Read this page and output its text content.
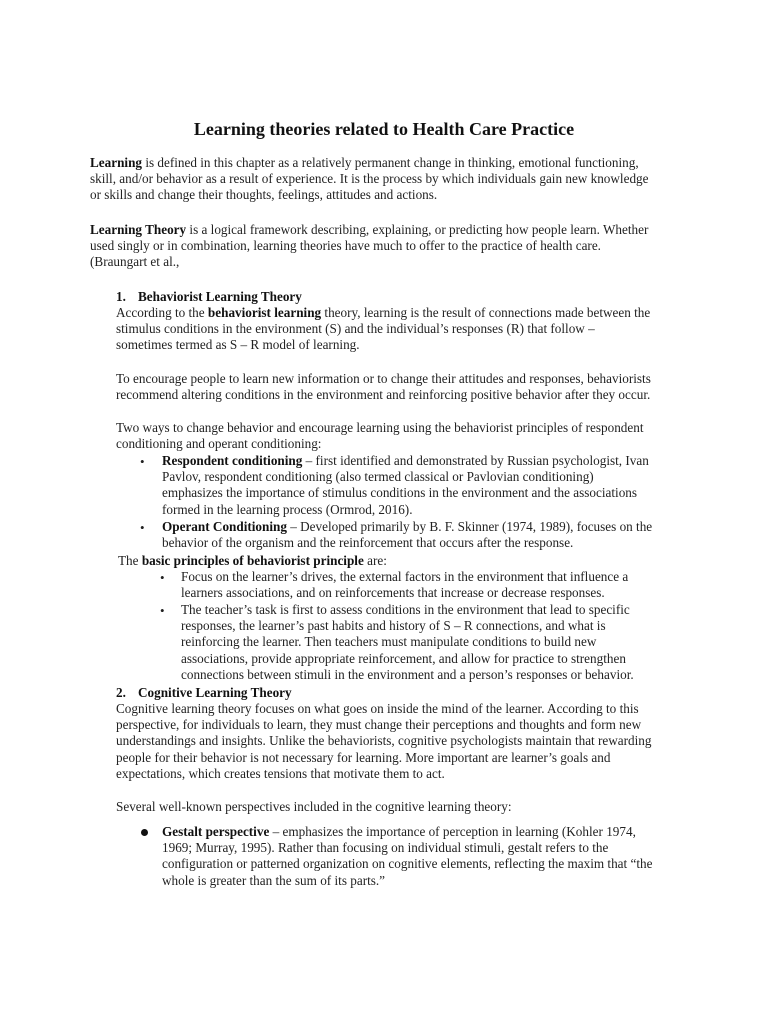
Learning theories related to Health Care Practice
Learning is defined in this chapter as a relatively permanent change in thinking, emotional functioning,
skill, and/or behavior as a result of experience. It is the process by which individuals gain new knowledge
or skills and change their thoughts, feelings, attitudes and actions.
Learning Theory is a logical framework describing, explaining, or predicting how people learn. Whether
used singly or in combination, learning theories have much to offer to the practice of health care.
(Braungart et al.,
1. Behaviorist Learning Theory
According to the behaviorist learning theory, learning is the result of connections made between the
stimulus conditions in the environment (S) and the individual’s responses (R) that follow –
sometimes termed as S – R model of learning.
To encourage people to learn new information or to change their attitudes and responses, behaviorists
recommend altering conditions in the environment and reinforcing positive behavior after they occur.
Two ways to change behavior and encourage learning using the behaviorist principles of respondent
conditioning and operant conditioning:
• Respondent conditioning – first identified and demonstrated by Russian psychologist, Ivan
Pavlov, respondent conditioning (also termed classical or Pavlovian conditioning)
emphasizes the importance of stimulus conditions in the environment and the associations
formed in the learning process (Ormrod, 2016).
• Operant Conditioning – Developed primarily by B. F. Skinner (1974, 1989), focuses on the
behavior of the organism and the reinforcement that occurs after the response.
The basic principles of behaviorist principle are:
• Focus on the learner’s drives, the external factors in the environment that influence a
learners associations, and on reinforcements that increase or decrease responses.
• The teacher’s task is first to assess conditions in the environment that lead to specific
responses, the learner’s past habits and history of S – R connections, and what is
reinforcing the learner. Then teachers must manipulate conditions to build new
associations, provide appropriate reinforcement, and allow for practice to strengthen
connections between stimuli in the environment and a person’s responses or behavior.
2. Cognitive Learning Theory
Cognitive learning theory focuses on what goes on inside the mind of the learner. According to this
perspective, for individuals to learn, they must change their perceptions and thoughts and form new
understandings and insights. Unlike the behaviorists, cognitive psychologists maintain that rewarding
people for their behavior is not necessary for learning. More important are learner’s goals and
expectations, which creates tensions that motivate them to act.
Several well-known perspectives included in the cognitive learning theory:
Gestalt perspective – emphasizes the importance of perception in learning (Kohler 1974,
1969; Murray, 1995). Rather than focusing on individual stimuli, gestalt refers to the
configuration or patterned organization on cognitive elements, reflecting the maxim that “the
whole is greater than the sum of its parts.”
